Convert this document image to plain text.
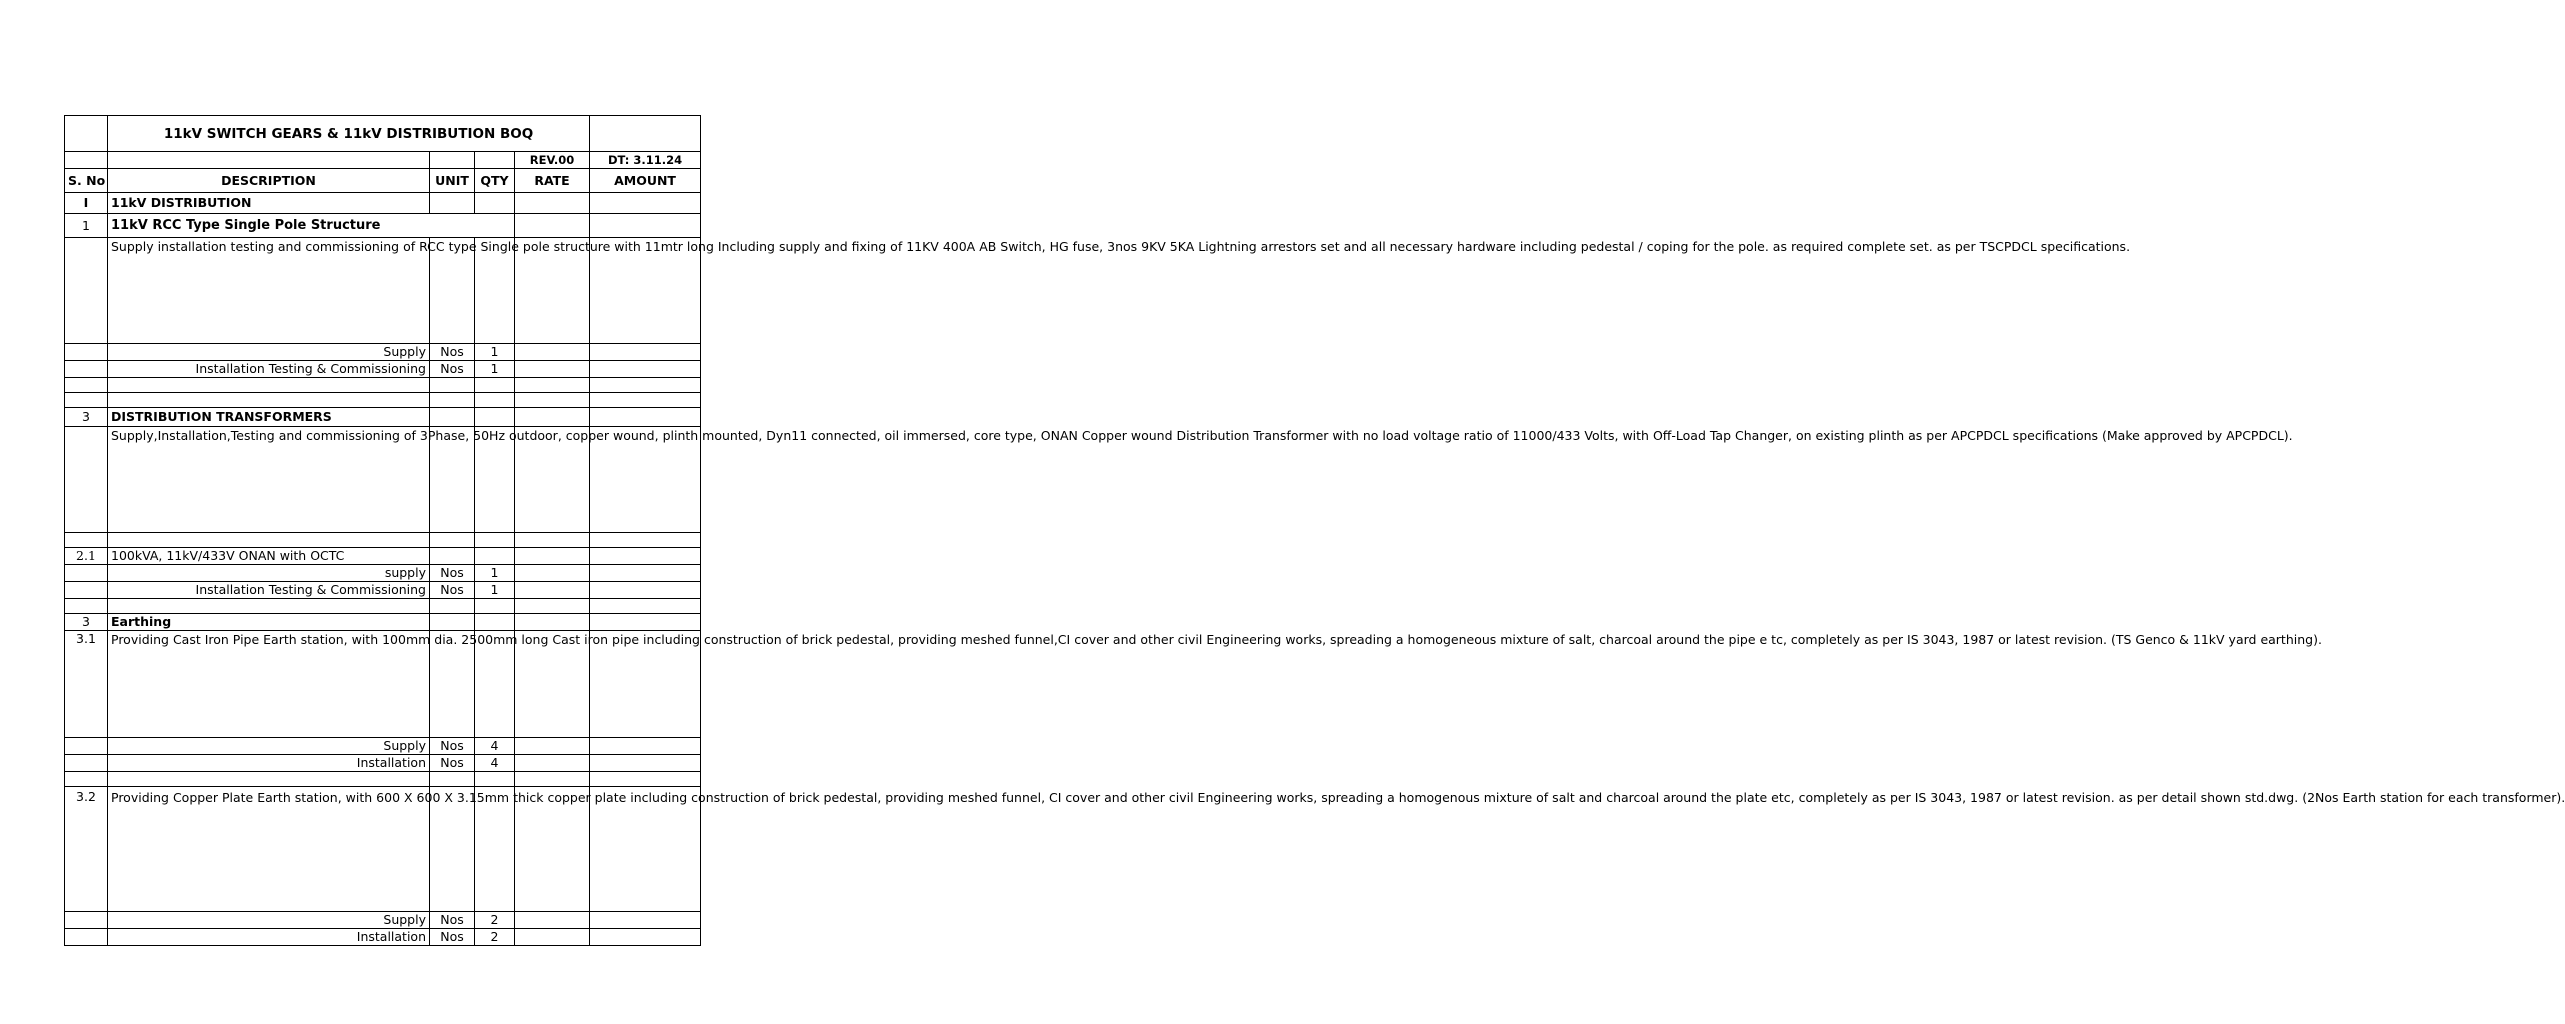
	11kV SWITCH GEARS & 11kV DISTRIBUTION BOQ				
				REV.00	DT: 3.11.24
S. No	DESCRIPTION	UNIT	QTY	RATE	AMOUNT
I	11kV DISTRIBUTION				
1	11kV RCC Type Single Pole Structure				

	Supply installation testing and commissioning of RCC type Single pole structure with 11mtr long Including supply and fixing of 11KV 400A AB Switch, HG fuse, 3nos 9KV 5KA Lightning arrestors set and all necessary hardware including pedestal / coping for the pole. as required complete set. as per TSCPDCL specifications.				

	Supply	Nos	1		
	Installation Testing & Commissioning	Nos	1		

3	DISTRIBUTION TRANSFORMERS				

	Supply,Installation,Testing and commissioning of 3Phase, 50Hz outdoor, copper wound, plinth mounted, Dyn11 connected, oil immersed, core type, ONAN Copper wound Distribution Transformer with no load voltage ratio of 11000/433 Volts, with Off-Load Tap Changer, on existing plinth as per APCPDCL specifications (Make approved by APCPDCL).				

2.1	100kVA, 11kV/433V ONAN with OCTC				
	supply	Nos	1		
	Installation Testing & Commissioning	Nos	1		

3	Earthing				
3.1	Providing Cast Iron Pipe Earth station, with 100mm dia. 2500mm long Cast iron pipe including construction of brick pedestal, providing meshed funnel,CI cover and other civil Engineering works, spreading a homogeneous mixture of salt, charcoal around the pipe e tc, completely as per IS 3043, 1987 or latest revision. (TS Genco & 11kV yard earthing).				

	Supply	Nos	4		
	Installation	Nos	4		

3.2	Providing Copper Plate Earth station, with 600 X 600 X 3.15mm thick copper plate including construction of brick pedestal, providing meshed funnel, CI cover and other civil Engineering works, spreading a homogenous mixture of salt and charcoal around the plate etc, completely as per IS 3043, 1987 or latest revision. as per detail shown std.dwg. (2Nos Earth station for each transformer).				

	Supply	Nos	2		
	Installation	Nos	2		
